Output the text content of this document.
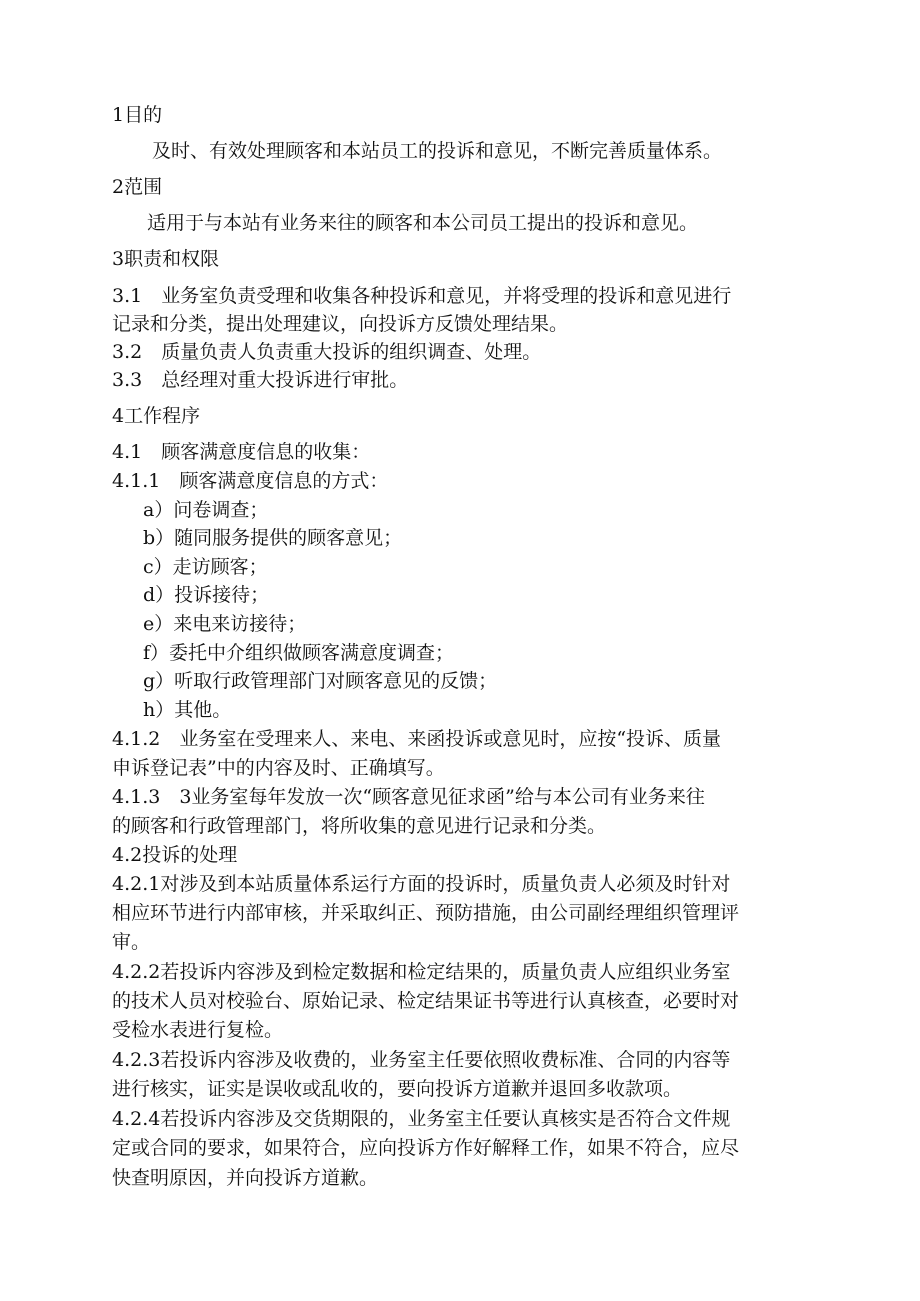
1目的
及时、有效处理顾客和本站员工的投诉和意见，不断完善质量体系。
2范围
适用于与本站有业务来往的顾客和本公司员工提出的投诉和意见。
3职责和权限
3.1　业务室负责受理和收集各种投诉和意见，并将受理的投诉和意见进行
记录和分类，提出处理建议，向投诉方反馈处理结果。
3.2　质量负责人负责重大投诉的组织调查、处理。
3.3　总经理对重大投诉进行审批。
4工作程序
4.1　顾客满意度信息的收集：
4.1.1　顾客满意度信息的方式：
a）问卷调查；
b）随同服务提供的顾客意见；
c）走访顾客；
d）投诉接待；
e）来电来访接待；
f）委托中介组织做顾客满意度调查；
g）听取行政管理部门对顾客意见的反馈；
h）其他。
4.1.2　业务室在受理来人、来电、来函投诉或意见时，应按“投诉、质量
申诉登记表”中的内容及时、正确填写。
4.1.3　3业务室每年发放一次“顾客意见征求函”给与本公司有业务来往
的顾客和行政管理部门，将所收集的意见进行记录和分类。
4.2投诉的处理
4.2.1对涉及到本站质量体系运行方面的投诉时，质量负责人必须及时针对
相应环节进行内部审核，并采取纠正、预防措施，由公司副经理组织管理评
审。
4.2.2若投诉内容涉及到检定数据和检定结果的，质量负责人应组织业务室
的技术人员对校验台、原始记录、检定结果证书等进行认真核查，必要时对
受检水表进行复检。
4.2.3若投诉内容涉及收费的，业务室主任要依照收费标准、合同的内容等
进行核实，证实是误收或乱收的，要向投诉方道歉并退回多收款项。
4.2.4若投诉内容涉及交货期限的，业务室主任要认真核实是否符合文件规
定或合同的要求，如果符合，应向投诉方作好解释工作，如果不符合，应尽
快查明原因，并向投诉方道歉。
